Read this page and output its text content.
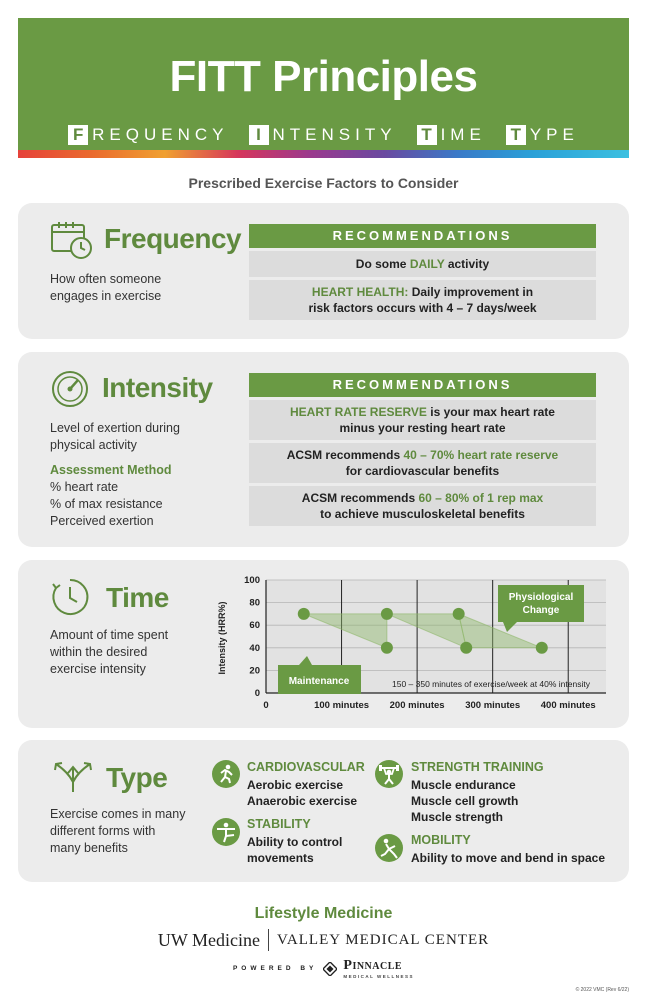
FITT Principles
F REQUENCY	I NTENSITY T IME T YPE
Prescribed Exercise Factors to Consider
Frequency
How often someone
engages in exercise
RECOMMENDATIONS
Do some DAILY activity
HEART HEALTH: Daily improvement in
risk factors occurs with 4 – 7 days/week
Intensity
Level of exertion during
physical activity
Assessment Method
% heart rate
% of max resistance
Perceived exertion
RECOMMENDATIONS
HEART RATE RESERVE is your max heart rate
minus your resting heart rate
ACSM recommends 40 – 70% heart rate reserve
for cardiovascular benefits
ACSM recommends 60 – 80% of 1 rep max
to achieve musculoskeletal benefits
Time
Amount of time spent
within the desired
exercise intensity
0
20
40
60
80
100
0	100 minutes 200 minutes 300 minutes 400 minutes
Intensity (HRR%)
Maintenance
Physiological
Change
150 – 350 minutes of exercise/week at 40% intensity
Type
Exercise comes in many
different forms with
many benefits
CARDIOVASCULAR
Aerobic exercise
Anaerobic exercise
STABILITY
Ability to control
movements
STRENGTH TRAINING
Muscle endurance
Muscle cell growth
Muscle strength
MOBILITY
Ability to move and bend in space
Lifestyle Medicine
UW Medicine VALLEY MEDICAL CENTER
POWERED BY PINNACLE
MEDICAL WELLNESS
© 2022 VMC (Rev 6/22)
